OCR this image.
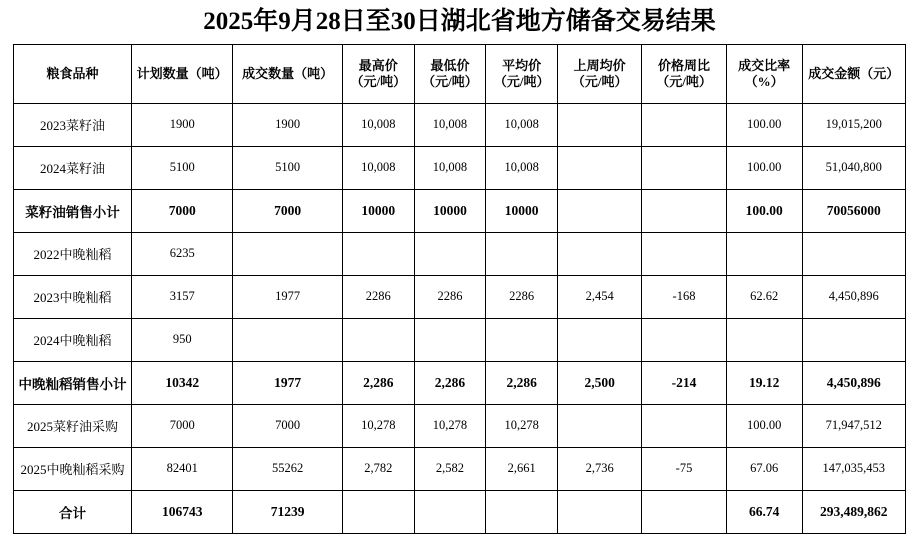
2025年9月28日至30日湖北省地方储备交易结果
粮食品种	计划数量（吨）	成交数量（吨）	最高价（元/吨）	最低价（元/吨）	平均价（元/吨）	上周均价（元/吨）	价格周比（元/吨）	成交比率（%）	成交金额（元）
2023菜籽油	1900	1900	10,008	10,008	10,008			100.00	19,015,200
2024菜籽油	5100	5100	10,008	10,008	10,008			100.00	51,040,800
菜籽油销售小计	7000	7000	10000	10000	10000			100.00	70056000
2022中晚籼稻	6235								
2023中晚籼稻	3157	1977	2286	2286	2286	2,454	-168	62.62	4,450,896
2024中晚籼稻	950								
中晚籼稻销售小计	10342	1977	2,286	2,286	2,286	2,500	-214	19.12	4,450,896
2025菜籽油采购	7000	7000	10,278	10,278	10,278			100.00	71,947,512
2025中晚籼稻采购	82401	55262	2,782	2,582	2,661	2,736	-75	67.06	147,035,453
合计	106743	71239						66.74	293,489,862
